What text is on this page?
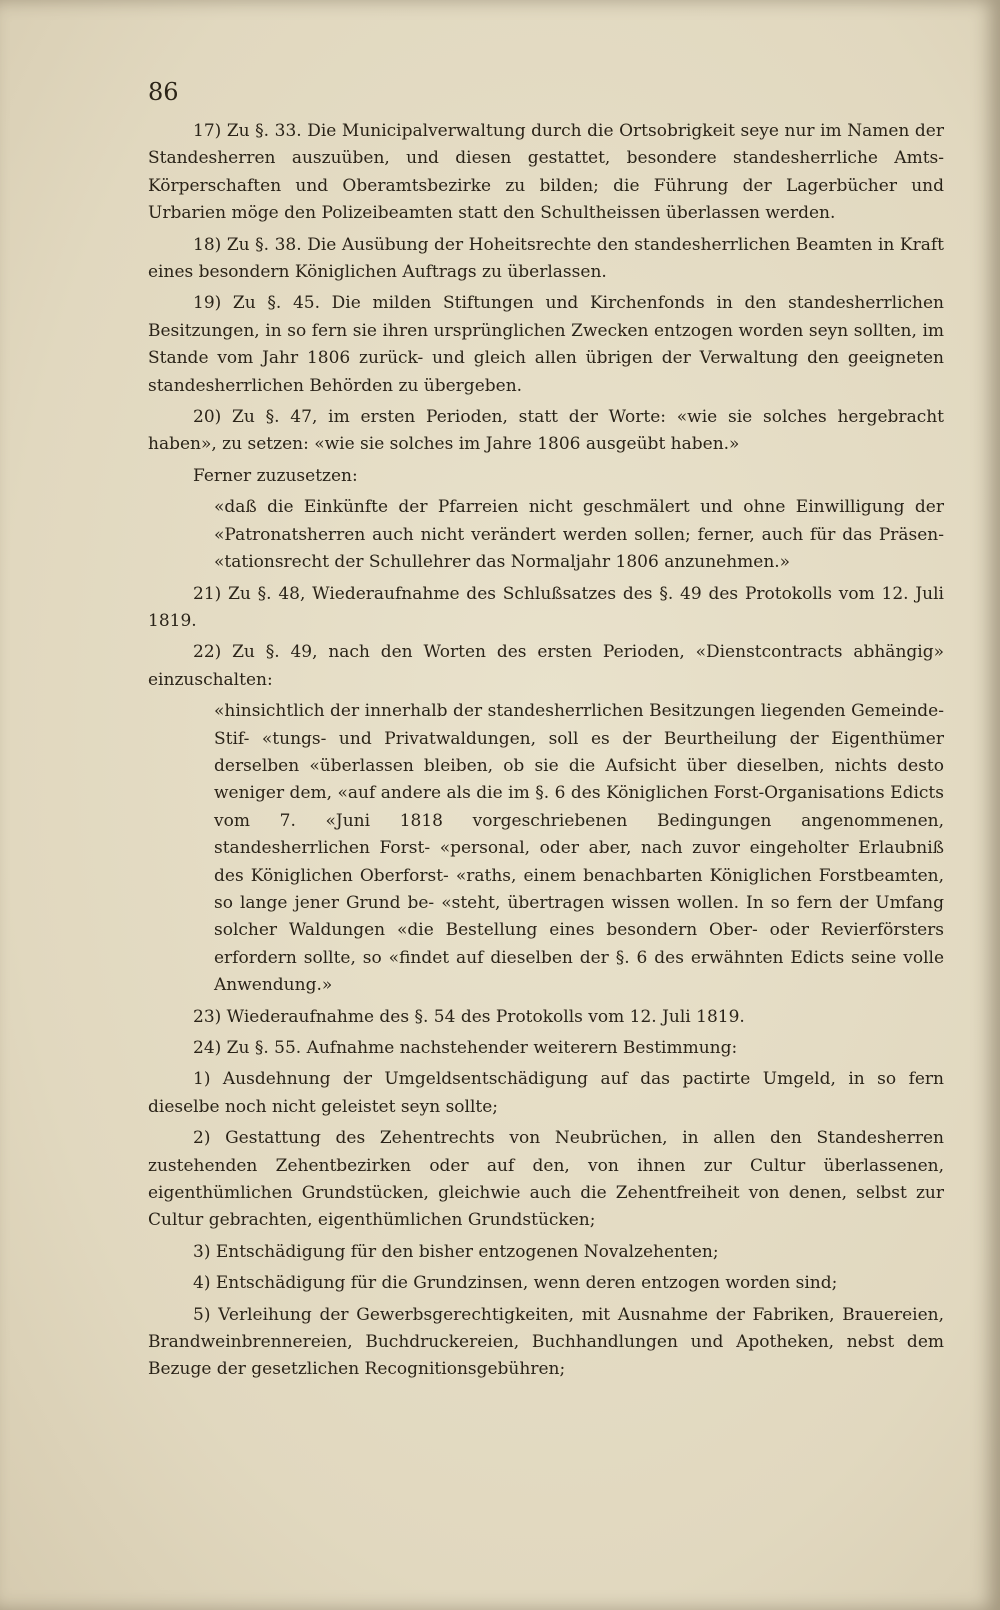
86

17) Zu §. 33. Die Municipalverwaltung durch die Ortsobrigkeit seye nur im Namen der Standesherren auszuüben, und diesen gestattet, besondere standesherrliche Amts-Körperschaften und Oberamtsbezirke zu bilden; die Führung der Lagerbücher und Urbarien möge den Polizeibeamten statt den Schultheissen überlassen werden.

18) Zu §. 38. Die Ausübung der Hoheitsrechte den standesherrlichen Beamten in Kraft eines besondern Königlichen Auftrags zu überlassen.

19) Zu §. 45. Die milden Stiftungen und Kirchenfonds in den standesherrlichen Besitzungen, in so fern sie ihren ursprünglichen Zwecken entzogen worden seyn sollten, im Stande vom Jahr 1806 zurück- und gleich allen übrigen der Verwaltung den geeigneten standesherrlichen Behörden zu übergeben.

20) Zu §. 47, im ersten Perioden, statt der Worte: «wie sie solches hergebracht haben», zu setzen: «wie sie solches im Jahre 1806 ausgeübt haben.»

Ferner zuzusetzen:

«daß die Einkünfte der Pfarreien nicht geschmälert und ohne Einwilligung der «Patronatsherren auch nicht verändert werden sollen; ferner, auch für das Präsen- «tationsrecht der Schullehrer das Normaljahr 1806 anzunehmen.»

21) Zu §. 48, Wiederaufnahme des Schlußsatzes des §. 49 des Protokolls vom 12. Juli 1819.

22) Zu §. 49, nach den Worten des ersten Perioden, «Dienstcontracts abhängig» einzuschalten:

«hinsichtlich der innerhalb der standesherrlichen Besitzungen liegenden Gemeinde-Stif- «tungs- und Privatwaldungen, soll es der Beurtheilung der Eigenthümer derselben «überlassen bleiben, ob sie die Aufsicht über dieselben, nichts desto weniger dem, «auf andere als die im §. 6 des Königlichen Forst-Organisations Edicts vom 7. «Juni 1818 vorgeschriebenen Bedingungen angenommenen, standesherrlichen Forst- «personal, oder aber, nach zuvor eingeholter Erlaubniß des Königlichen Oberforst- «raths, einem benachbarten Königlichen Forstbeamten, so lange jener Grund be- «steht, übertragen wissen wollen. In so fern der Umfang solcher Waldungen «die Bestellung eines besondern Ober- oder Revierförsters erfordern sollte, so «findet auf dieselben der §. 6 des erwähnten Edicts seine volle Anwendung.»

23) Wiederaufnahme des §. 54 des Protokolls vom 12. Juli 1819.

24) Zu §. 55. Aufnahme nachstehender weiterern Bestimmung:

1) Ausdehnung der Umgeldsentschädigung auf das pactirte Umgeld, in so fern dieselbe noch nicht geleistet seyn sollte;

2) Gestattung des Zehentrechts von Neubrüchen, in allen den Standesherren zustehenden Zehentbezirken oder auf den, von ihnen zur Cultur überlassenen, eigenthümlichen Grundstücken, gleichwie auch die Zehentfreiheit von denen, selbst zur Cultur gebrachten, eigenthümlichen Grundstücken;

3) Entschädigung für den bisher entzogenen Novalzehenten;

4) Entschädigung für die Grundzinsen, wenn deren entzogen worden sind;

5) Verleihung der Gewerbsgerechtigkeiten, mit Ausnahme der Fabriken, Brauereien, Brandweinbrennereien, Buchdruckereien, Buchhandlungen und Apotheken, nebst dem Bezuge der gesetzlichen Recognitionsgebühren;
